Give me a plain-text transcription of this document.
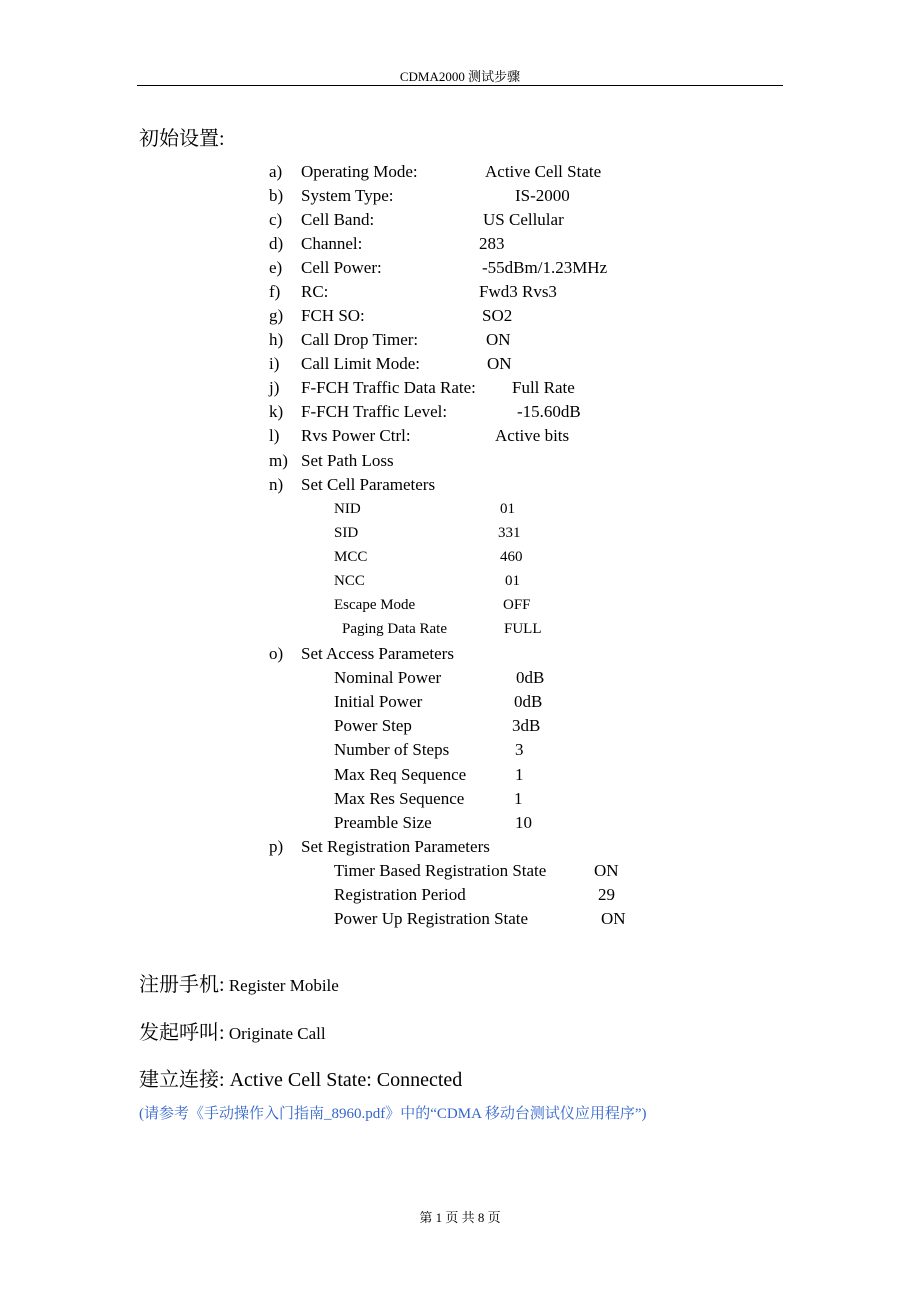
CDMA2000 测试步骤
初始设置:
a) Operating Mode:	Active Cell State
b) System Type:	IS-2000
c) Cell Band:	US Cellular
d) Channel:	283
e) Cell Power:	-55dBm/1.23MHz
f) RC:	Fwd3 Rvs3
g) FCH SO:	SO2
h) Call Drop Timer:	ON
i) Call Limit Mode:	ON
j) F-FCH Traffic Data Rate: Full Rate
k) F-FCH Traffic Level:	-15.60dB
l) Rvs Power Ctrl:	Active bits
m) Set Path Loss
n) Set Cell Parameters
NID	01
SID	331
MCC	460
NCC	01
Escape Mode	OFF
Paging Data Rate	FULL
o) Set Access Parameters
Nominal Power	0dB
Initial Power	0dB
Power Step	3dB
Number of Steps	3
Max Req Sequence	1
Max Res Sequence	1
Preamble Size	10
p) Set Registration Parameters
Timer Based Registration State	ON
Registration Period	29
Power Up Registration State	ON
注册手机: Register Mobile
发起呼叫: Originate Call
建立连接: Active Cell State: Connected
(请参考《手动操作入门指南_8960.pdf》中的“CDMA 移动台测试仪应用程序”)
第 1 页 共 8 页
